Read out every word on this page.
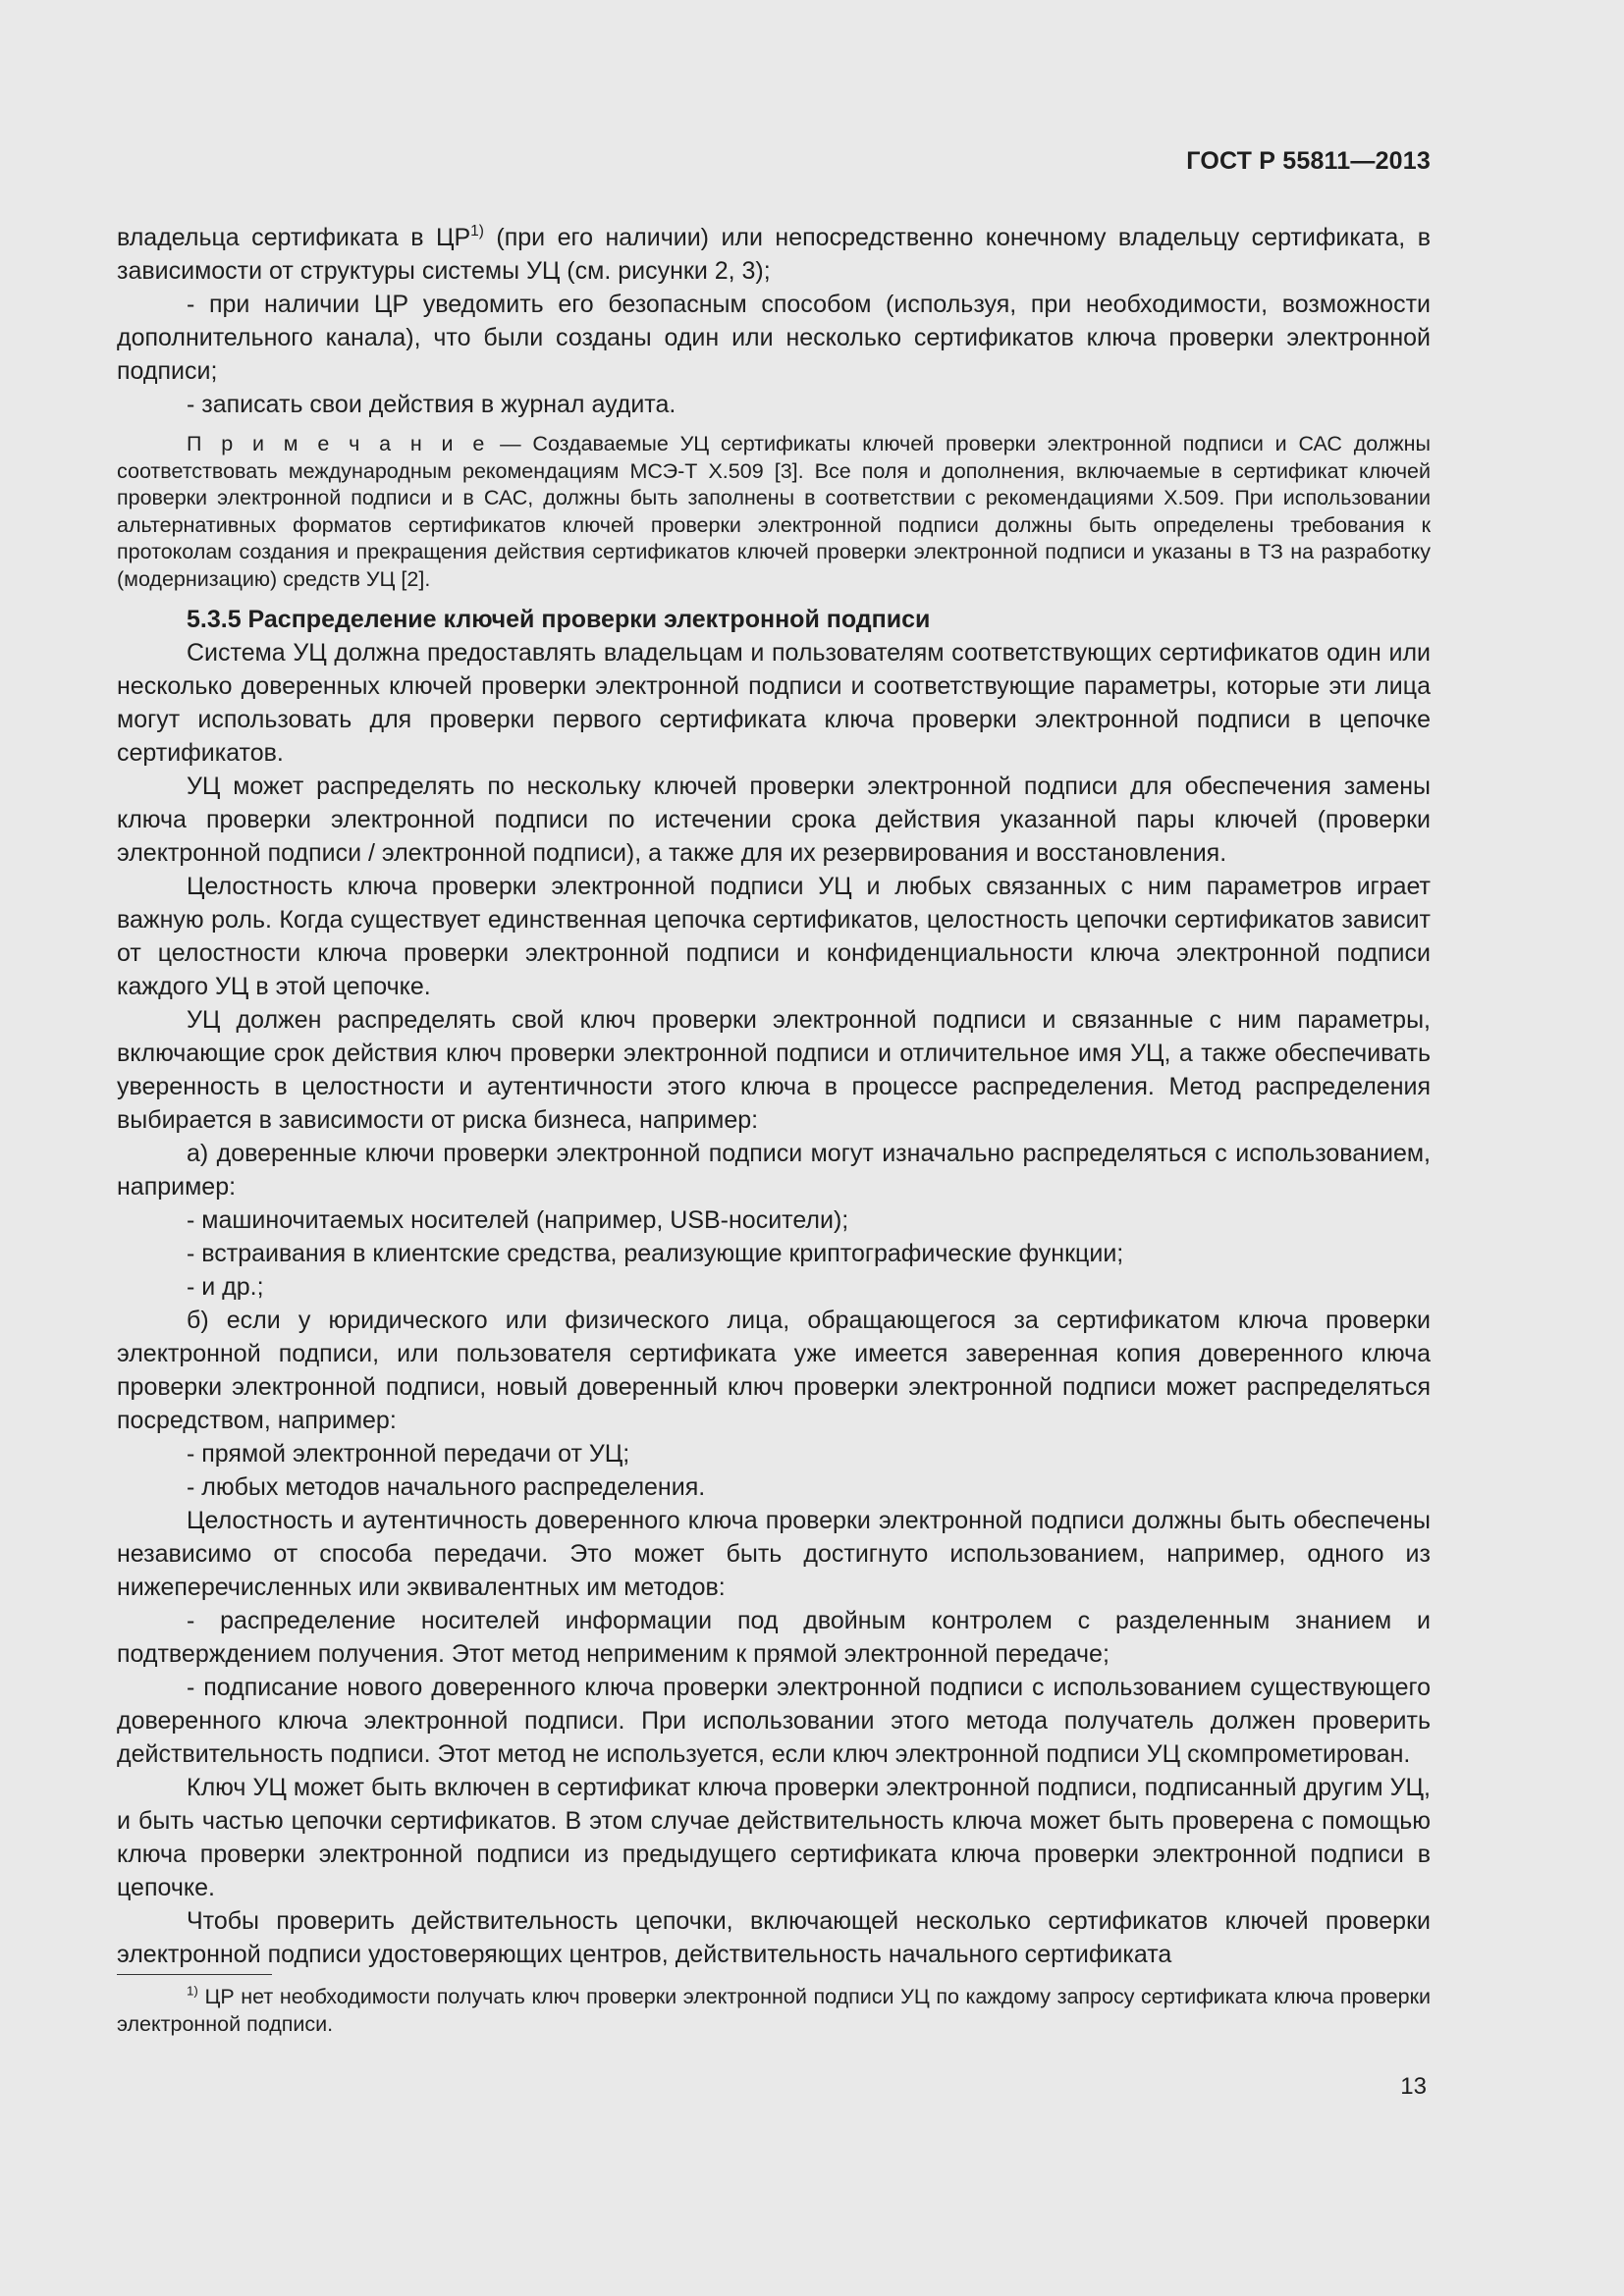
ГОСТ Р 55811—2013

владельца сертификата в ЦР$^{1)}$ (при его наличии) или непосредственно конечному владельцу сертификата, в зависимости от структуры системы УЦ (см. рисунки 2, 3);

- при наличии ЦР уведомить его безопасным способом (используя, при необходимости, возможности дополнительного канала), что были созданы один или несколько сертификатов ключа проверки электронной подписи;

- записать свои действия в журнал аудита.

П р и м е ч а н и е — Создаваемые УЦ сертификаты ключей проверки электронной подписи и САС должны соответствовать международным рекомендациям МСЭ-Т Х.509 [3]. Все поля и дополнения, включаемые в сертификат ключей проверки электронной подписи и в САС, должны быть заполнены в соответствии с рекомендациями Х.509. При использовании альтернативных форматов сертификатов ключей проверки электронной подписи должны быть определены требования к протоколам создания и прекращения действия сертификатов ключей проверки электронной подписи и указаны в ТЗ на разработку (модернизацию) средств УЦ [2].

5.3.5 Распределение ключей проверки электронной подписи

Система УЦ должна предоставлять владельцам и пользователям соответствующих сертификатов один или несколько доверенных ключей проверки электронной подписи и соответствующие параметры, которые эти лица могут использовать для проверки первого сертификата ключа проверки электронной подписи в цепочке сертификатов.

УЦ может распределять по нескольку ключей проверки электронной подписи для обеспечения замены ключа проверки электронной подписи по истечении срока действия указанной пары ключей (проверки электронной подписи / электронной подписи), а также для их резервирования и восстановления.

Целостность ключа проверки электронной подписи УЦ и любых связанных с ним параметров играет важную роль. Когда существует единственная цепочка сертификатов, целостность цепочки сертификатов зависит от целостности ключа проверки электронной подписи и конфиденциальности ключа электронной подписи каждого УЦ в этой цепочке.

УЦ должен распределять свой ключ проверки электронной подписи и связанные с ним параметры, включающие срок действия ключ проверки электронной подписи и отличительное имя УЦ, а также обеспечивать уверенность в целостности и аутентичности этого ключа в процессе распределения. Метод распределения выбирается в зависимости от риска бизнеса, например:

а) доверенные ключи проверки электронной подписи могут изначально распределяться с использованием, например:

- машиночитаемых носителей (например, USB-носители);

- встраивания в клиентские средства, реализующие криптографические функции;

- и др.;

б) если у юридического или физического лица, обращающегося за сертификатом ключа проверки электронной подписи, или пользователя сертификата уже имеется заверенная копия доверенного ключа проверки электронной подписи, новый доверенный ключ проверки электронной подписи может распределяться посредством, например:

- прямой электронной передачи от УЦ;

- любых методов начального распределения.

Целостность и аутентичность доверенного ключа проверки электронной подписи должны быть обеспечены независимо от способа передачи. Это может быть достигнуто использованием, например, одного из нижеперечисленных или эквивалентных им методов:

- распределение носителей информации под двойным контролем с разделенным знанием и подтверждением получения. Этот метод неприменим к прямой электронной передаче;

- подписание нового доверенного ключа проверки электронной подписи с использованием существующего доверенного ключа электронной подписи. При использовании этого метода получатель должен проверить действительность подписи. Этот метод не используется, если ключ электронной подписи УЦ скомпрометирован.

Ключ УЦ может быть включен в сертификат ключа проверки электронной подписи, подписанный другим УЦ, и быть частью цепочки сертификатов. В этом случае действительность ключа может быть проверена с помощью ключа проверки электронной подписи из предыдущего сертификата ключа проверки электронной подписи в цепочке.

Чтобы проверить действительность цепочки, включающей несколько сертификатов ключей проверки электронной подписи удостоверяющих центров, действительность начального сертификата

$^{1)}$ ЦР нет необходимости получать ключ проверки электронной подписи УЦ по каждому запросу сертификата ключа проверки электронной подписи.

13
